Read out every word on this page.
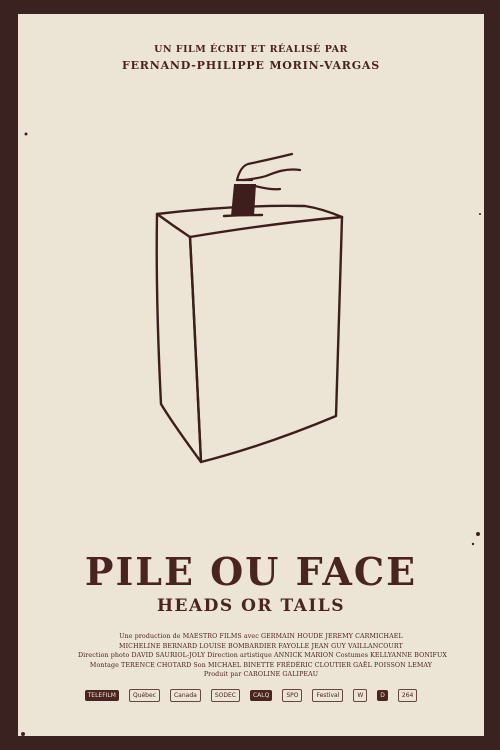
UN FILM ÉCRIT ET RÉALISÉ PAR
FERNAND-PHILIPPE MORIN-VARGAS
PILE OU FACE
HEADS OR TAILS
Une production de MAESTRO FILMS avec GERMAIN HOUDE JEREMY CARMICHAEL
MICHELINE BERNARD LOUISE BOMBARDIER FAYOLLE JEAN GUY VAILLANCOURT
Direction photo DAVID SAURIOL-JOLY Direction artistique ANNICK MARION Costumes KELLYANNE BONIFUX
Montage TERENCE CHOTARD Son MICHAEL BINETTE FRÉDÉRIC CLOUTIER GAËL POISSON LEMAY
Produit par CAROLINE GALIPEAU
TELEFILM	Québec	Canada	SODEC	CALQ	SPO	Festival	W	D	264
